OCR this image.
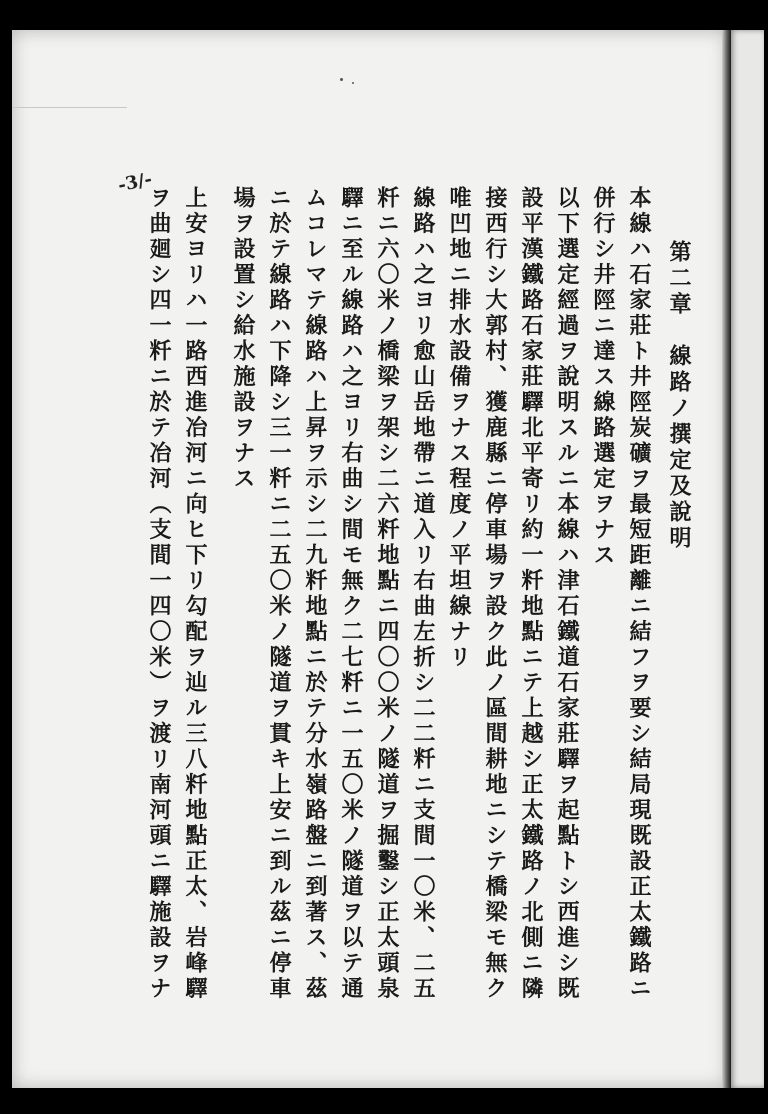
-3/-
第二章　線路ノ撰定及說明
本線ハ石家莊ト井陘炭礦ヲ最短距離ニ結フヲ要シ結局現既設正太鐵路ニ
併行シ井陘ニ達ス線路選定ヲナス
以下選定經過ヲ說明スルニ本線ハ津石鐵道石家莊驛ヲ起點トシ西進シ既
設平漢鐵路石家莊驛北平寄リ約一粁地點ニテ上越シ正太鐵路ノ北側ニ隣
接西行シ大郭村、獲鹿縣ニ停車場ヲ設ク此ノ區間耕地ニシテ橋梁モ無ク
唯凹地ニ排水設備ヲナス程度ノ平坦線ナリ
線路ハ之ヨリ愈山岳地帶ニ道入リ右曲左折シ二二粁ニ支間一〇米、二五
粁ニ六〇米ノ橋梁ヲ架シ二六粁地點ニ四〇〇米ノ隧道ヲ掘鑿シ正太頭泉
驛ニ至ル線路ハ之ヨリ右曲シ間モ無ク二七粁ニ一五〇米ノ隧道ヲ以テ通
ムコレマテ線路ハ上昇ヲ示シ二九粁地點ニ於テ分水嶺路盤ニ到著ス、茲
ニ於テ線路ハ下降シ三一粁ニ二五〇米ノ隧道ヲ貫キ上安ニ到ル茲ニ停車
場ヲ設置シ給水施設ヲナス
上安ヨリハ一路西進冶河ニ向ヒ下リ勾配ヲ辿ル三八粁地點正太、岩峰驛
ヲ曲廻シ四一粁ニ於テ冶河（支間一四〇米）ヲ渡リ南河頭ニ驛施設ヲナ
